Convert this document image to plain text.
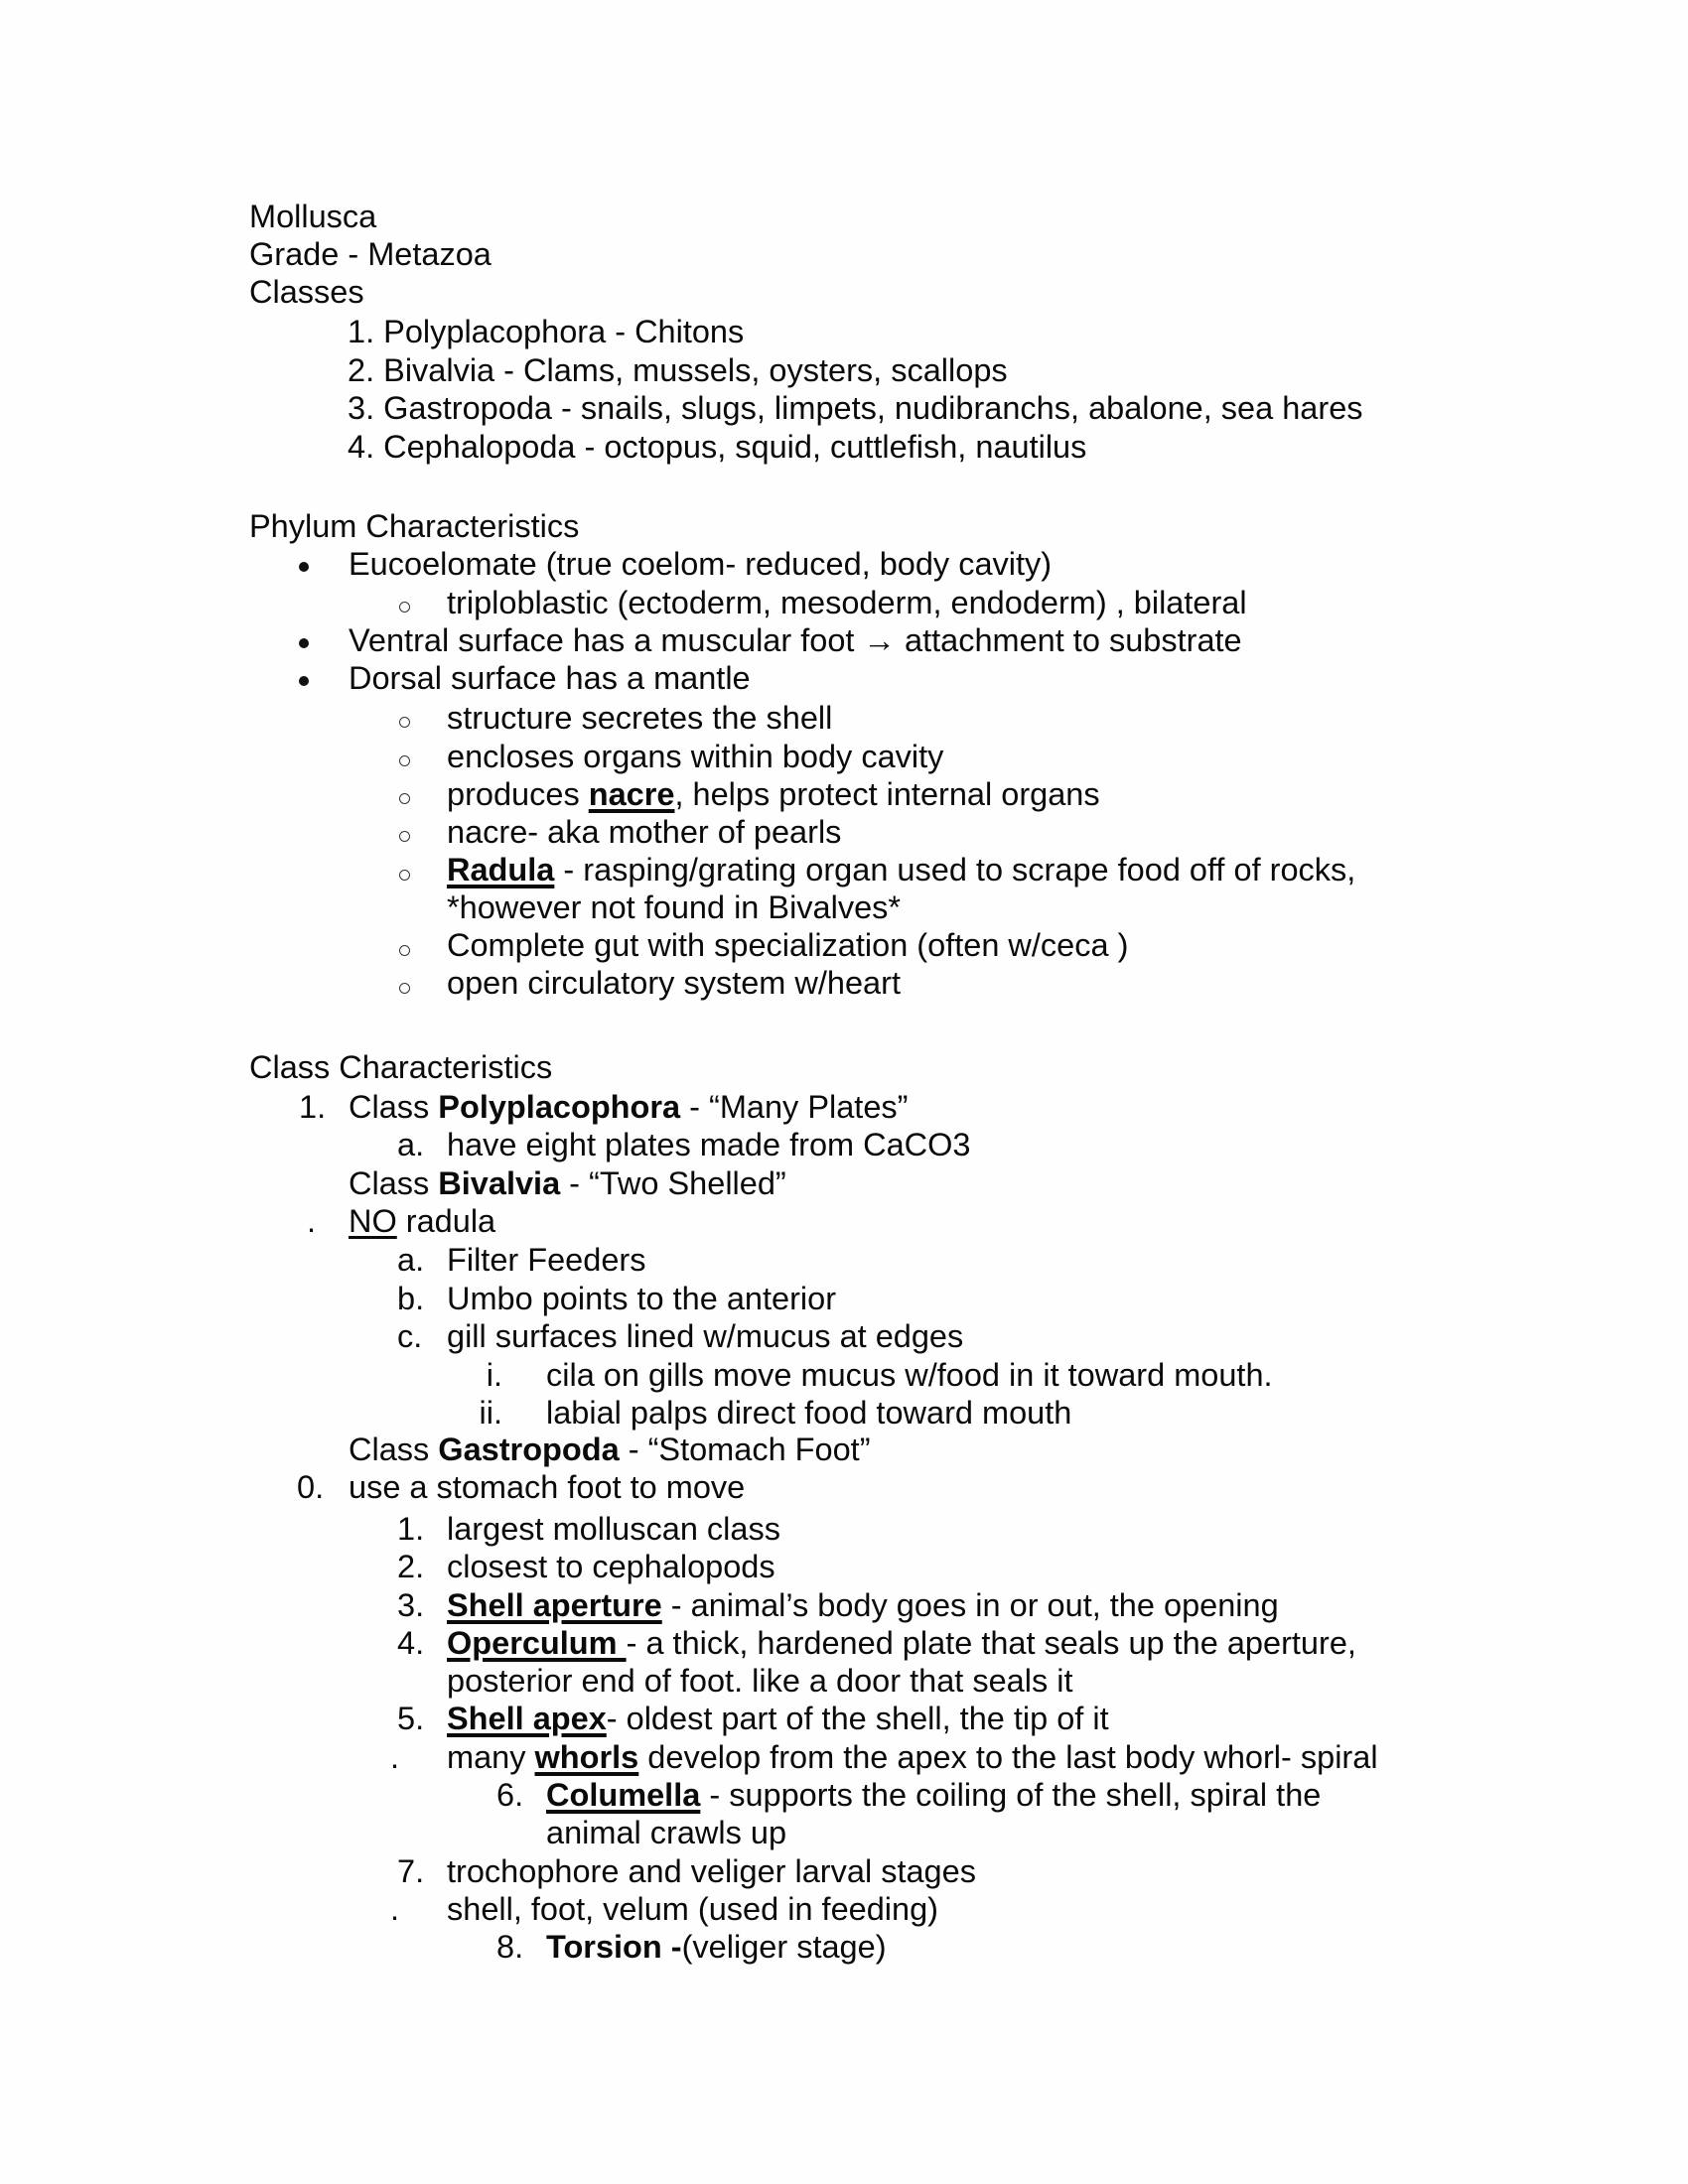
Mollusca
Grade - Metazoa
Classes
1. Polyplacophora - Chitons
2. Bivalvia - Clams, mussels, oysters, scallops
3. Gastropoda - snails, slugs, limpets, nudibranchs, abalone, sea hares
4. Cephalopoda - octopus, squid, cuttlefish, nautilus
Phylum Characteristics
Eucoelomate (true coelom- reduced, body cavity)
triploblastic (ectoderm, mesoderm, endoderm) , bilateral
Ventral surface has a muscular foot → attachment to substrate
Dorsal surface has a mantle
structure secretes the shell
encloses organs within body cavity
produces nacre, helps protect internal organs
nacre- aka mother of pearls
Radula - rasping/grating organ used to scrape food off of rocks,
*however not found in Bivalves*
Complete gut with specialization (often w/ceca )
open circulatory system w/heart
Class Characteristics
1. Class Polyplacophora - “Many Plates”
a. have eight plates made from CaCO3
Class Bivalvia - “Two Shelled”
. NO radula
a. Filter Feeders
b. Umbo points to the anterior
c. gill surfaces lined w/mucus at edges
i. cila on gills move mucus w/food in it toward mouth.
ii. labial palps direct food toward mouth
Class Gastropoda - “Stomach Foot”
0. use a stomach foot to move
1. largest molluscan class
2. closest to cephalopods
3. Shell aperture - animal’s body goes in or out, the opening
4. Operculum - a thick, hardened plate that seals up the aperture,
posterior end of foot. like a door that seals it
5. Shell apex- oldest part of the shell, the tip of it
. many whorls develop from the apex to the last body whorl- spiral
6. Columella - supports the coiling of the shell, spiral the
animal crawls up
7. trochophore and veliger larval stages
. shell, foot, velum (used in feeding)
8. Torsion -(veliger stage)
